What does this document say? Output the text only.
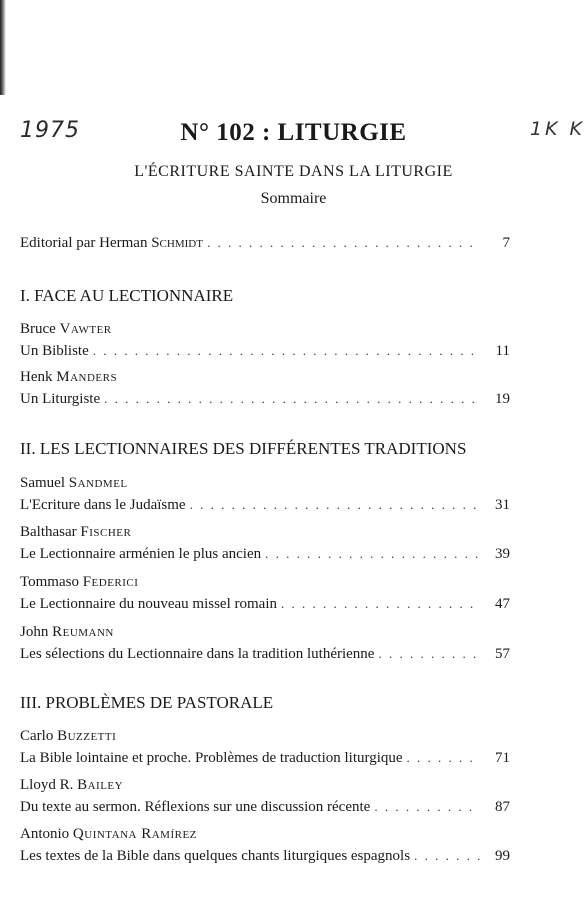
1975	1K K
N° 102 : LITURGIE
L'ÉCRITURE SAINTE DANS LA LITURGIE
Sommaire
Editorial par Herman Schmidt . . .	7
I. FACE AU LECTIONNAIRE
Bruce Vawter
Un Bibliste . . .	11
Henk Manders
Un Liturgiste . . .	19
II. LES LECTIONNAIRES DES DIFFÉRENTES TRADITIONS
Samuel Sandmel
L'Ecriture dans le Judaïsme . . .	31
Balthasar Fischer
Le Lectionnaire arménien le plus ancien . . .	39
Tommaso Federici
Le Lectionnaire du nouveau missel romain . . .	47
John Reumann
Les sélections du Lectionnaire dans la tradition luthérienne . . .	57
III. PROBLÈMES DE PASTORALE
Carlo Buzzetti
La Bible lointaine et proche. Problèmes de traduction liturgique . . .	71
Lloyd R. Bailey
Du texte au sermon. Réflexions sur une discussion récente . . .	87
Antonio Quintana Ramírez
Les textes de la Bible dans quelques chants liturgiques espagnols . . .	99
